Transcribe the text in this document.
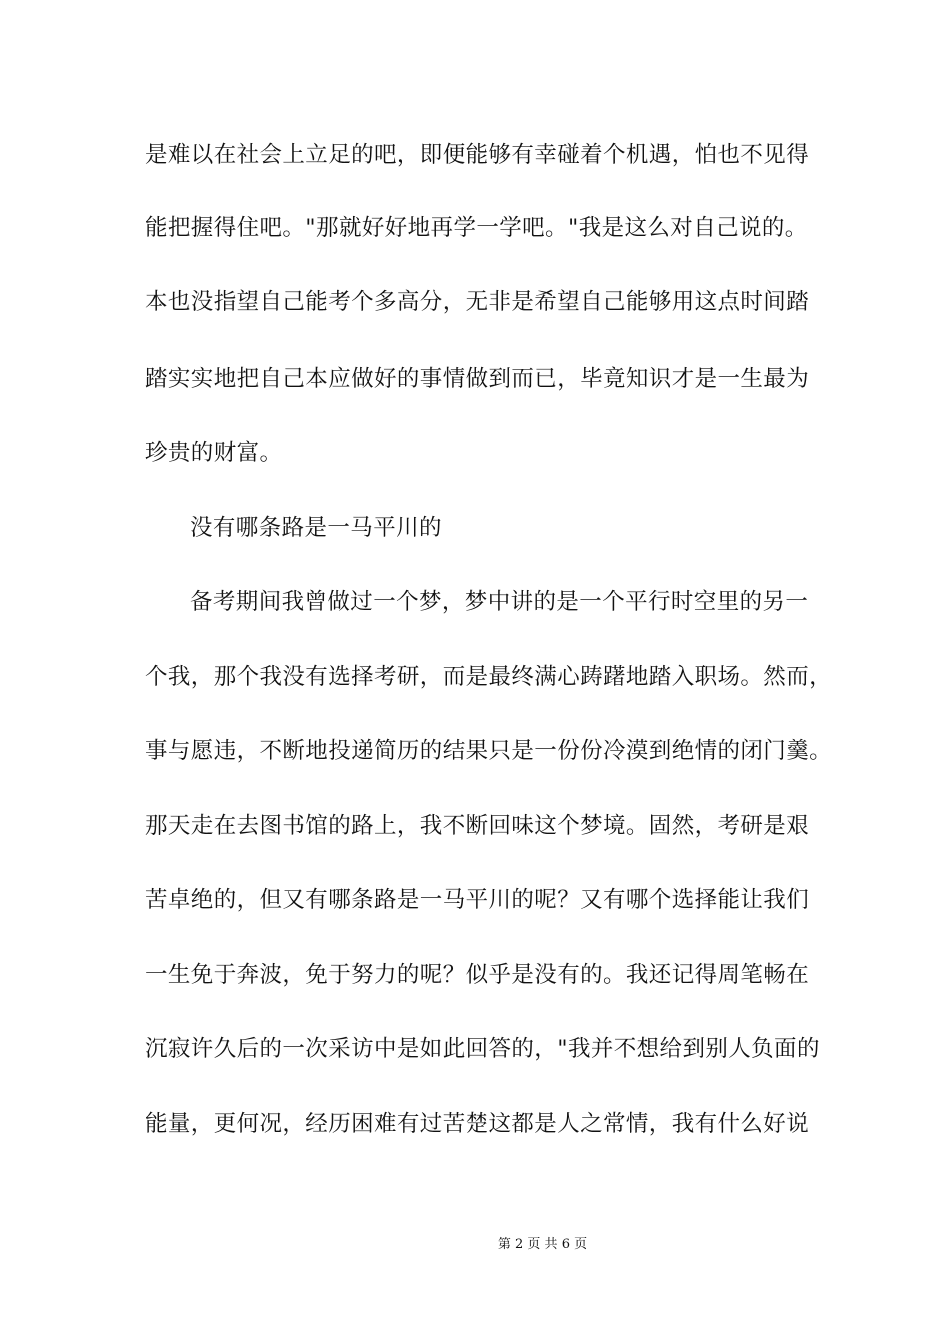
是难以在社会上立足的吧，即便能够有幸碰着个机遇，怕也不见得
能把握得住吧。"那就好好地再学一学吧。"我是这么对自己说的。
本也没指望自己能考个多高分，无非是希望自己能够用这点时间踏
踏实实地把自己本应做好的事情做到而已，毕竟知识才是一生最为
珍贵的财富。
没有哪条路是一马平川的
备考期间我曾做过一个梦，梦中讲的是一个平行时空里的另一
个我，那个我没有选择考研，而是最终满心踌躇地踏入职场。然而，
事与愿违，不断地投递简历的结果只是一份份冷漠到绝情的闭门羹。
那天走在去图书馆的路上，我不断回味这个梦境。固然，考研是艰
苦卓绝的，但又有哪条路是一马平川的呢？又有哪个选择能让我们
一生免于奔波，免于努力的呢？似乎是没有的。我还记得周笔畅在
沉寂许久后的一次采访中是如此回答的，"我并不想给到别人负面的
能量，更何况，经历困难有过苦楚这都是人之常情，我有什么好说
第 2 页 共 6 页
